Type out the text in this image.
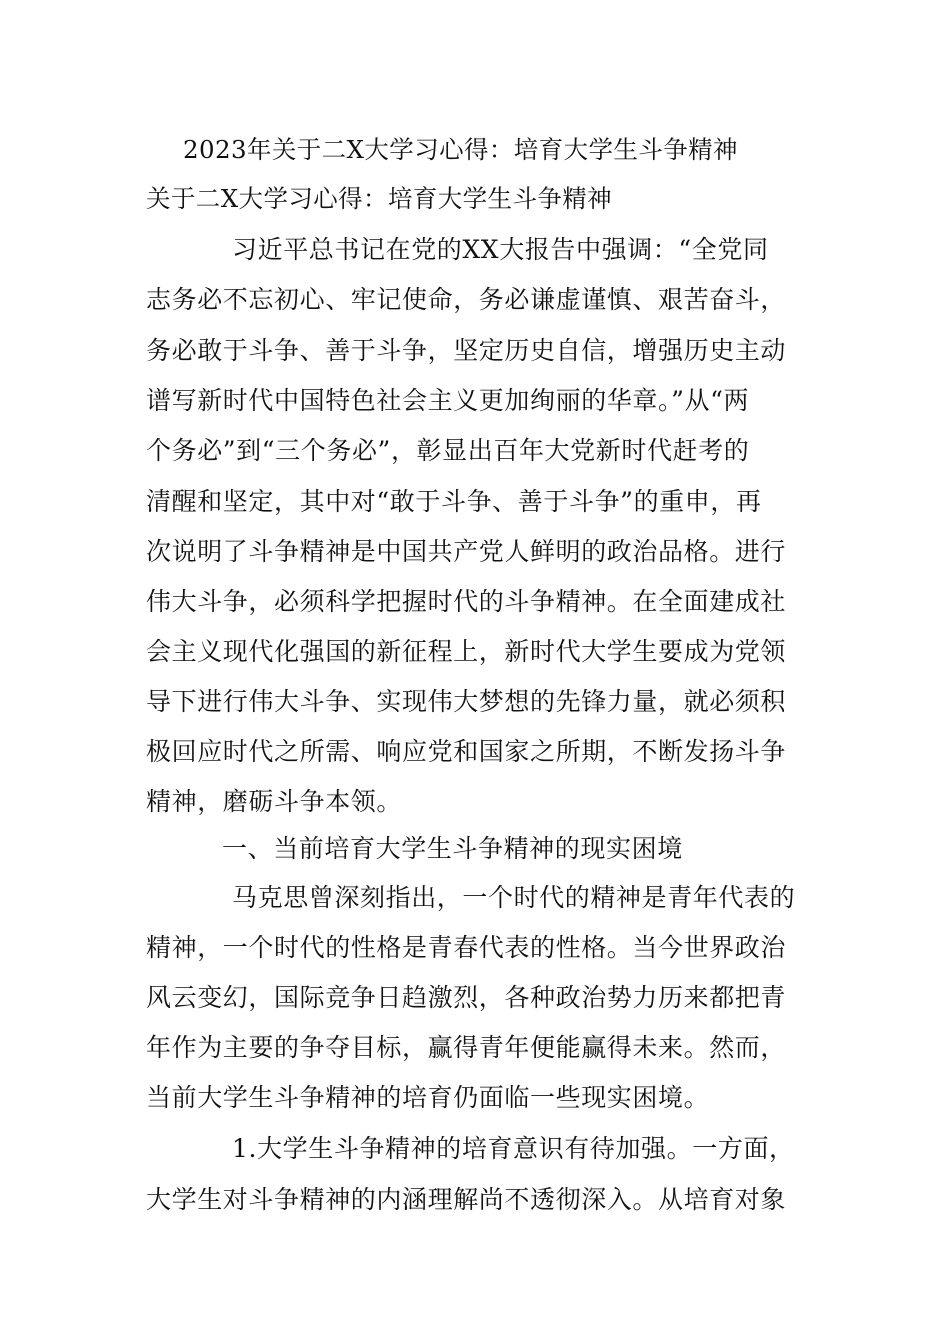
2023年关于二X大学习心得：培育大学生斗争精神
关于二X大学习心得：培育大学生斗争精神
习近平总书记在党的XX大报告中强调：“全党同
志务必不忘初心、牢记使命，务必谦虚谨慎、艰苦奋斗，
务必敢于斗争、善于斗争，坚定历史自信，增强历史主动
谱写新时代中国特色社会主义更加绚丽的华章。”从“两
个务必”到“三个务必”，彰显出百年大党新时代赶考的
清醒和坚定，其中对“敢于斗争、善于斗争”的重申，再
次说明了斗争精神是中国共产党人鲜明的政治品格。进行
伟大斗争，必须科学把握时代的斗争精神。在全面建成社
会主义现代化强国的新征程上，新时代大学生要成为党领
导下进行伟大斗争、实现伟大梦想的先锋力量，就必须积
极回应时代之所需、响应党和国家之所期，不断发扬斗争
精神，磨砺斗争本领。
一、当前培育大学生斗争精神的现实困境
马克思曾深刻指出，一个时代的精神是青年代表的
精神，一个时代的性格是青春代表的性格。当今世界政治
风云变幻，国际竞争日趋激烈，各种政治势力历来都把青
年作为主要的争夺目标，赢得青年便能赢得未来。然而，
当前大学生斗争精神的培育仍面临一些现实困境。
1.大学生斗争精神的培育意识有待加强。一方面，
大学生对斗争精神的内涵理解尚不透彻深入。从培育对象
